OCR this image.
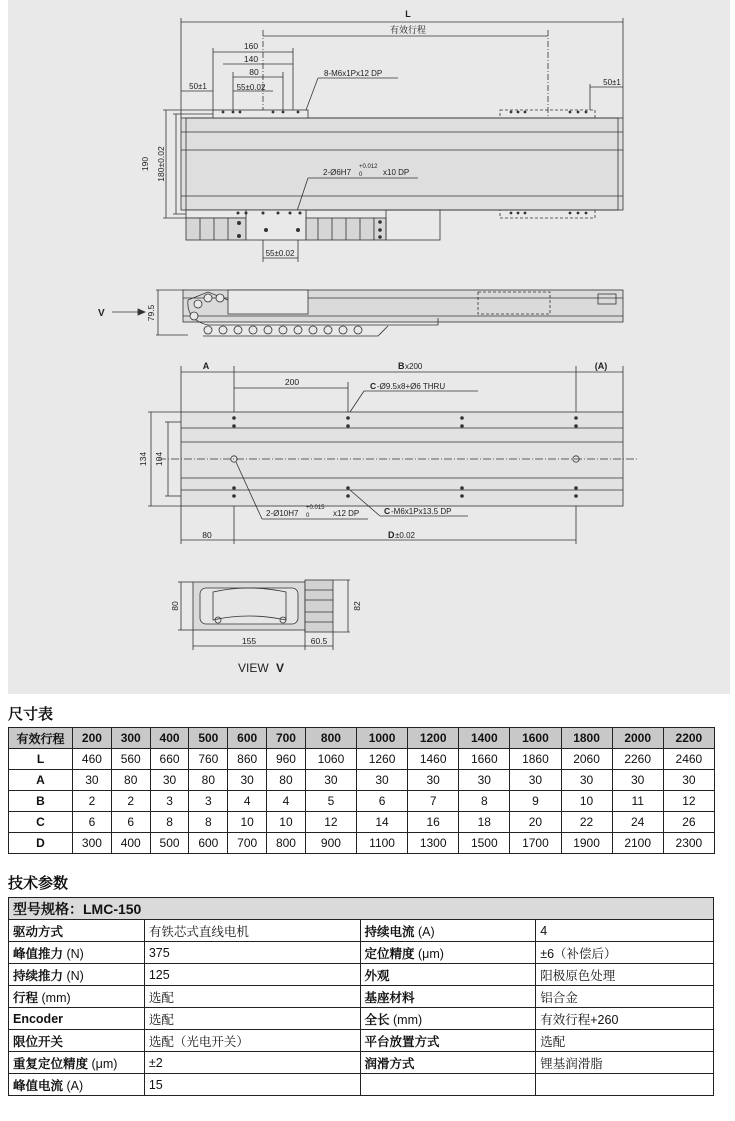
L
有效行程
160
140
80
55±0.02
50±1	50±1
8-M6x1Px12 DP
190 180±0.02	2-Ø6H7
+0.012
0	x10 DP
55±0.02
V	79.5
A	B x200	(A)
200	C -Ø9.5x8+Ø6 THRU
134 104
2-Ø10H7
+0.015
0	x12 DP	C -M6x1Px13.5 DP
80	D ±0.02
80	82
155	60.5
VIEW V
尺寸表
有效行程	200	300	400	500	600	700	800	1000	1200	1400	1600	1800	2000	2200
L	460	560	660	760	860	960	1060	1260	1460	1660	1860	2060	2260	2460
A	30	80	30	80	30	80	30	30	30	30	30	30	30	30
B	2	2	3	3	4	4	5	6	7	8	9	10	11	12
C	6	6	8	8	10	10	12	14	16	18	20	22	24	26
D	300	400	500	600	700	800	900	1100	1300	1500	1700	1900	2100	2300
技术参数
型号规格：LMC-150			
驱动方式	有铁芯式直线电机	持续电流 (A)	4
峰值推力 (N)	375	定位精度 (μm)	±6（补偿后）
持续推力 (N)	125	外观	阳极原色处理
行程 (mm)	选配	基座材料	铝合金
Encoder	选配	全长 (mm)	有效行程+260
限位开关	选配（光电开关）	平台放置方式	选配
重复定位精度 (μm)	±2	润滑方式	锂基润滑脂
峰值电流 (A)	15		
